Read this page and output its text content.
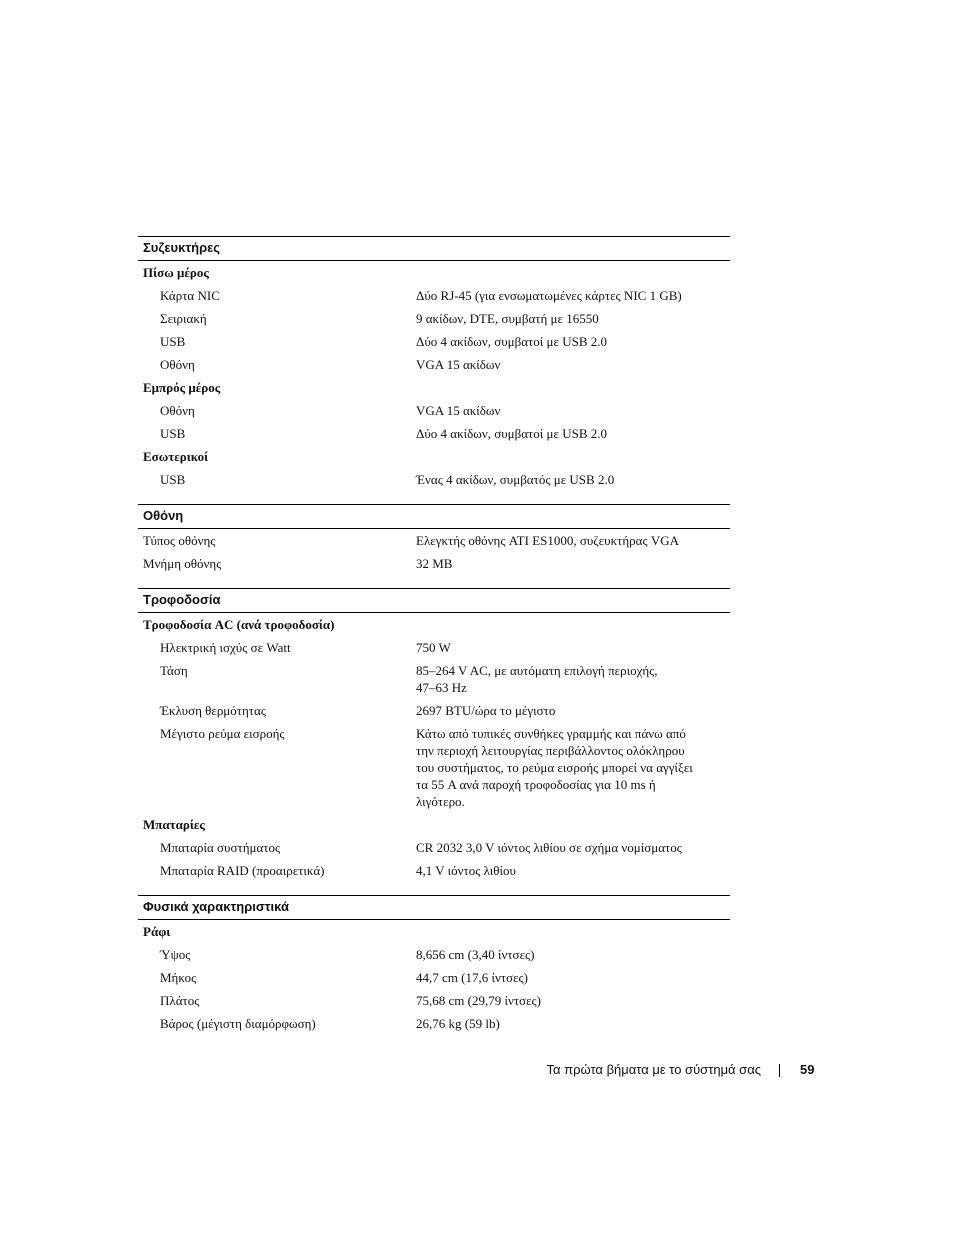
Συζευκτήρες
Πίσω μέρος
Κάρτα NIC	Δύο RJ-45 (για ενσωματωμένες κάρτες NIC 1 GB)
Σειριακή	9 ακίδων, DTE, συμβατή με 16550
USB	Δύο 4 ακίδων, συμβατοί με USB 2.0
Οθόνη	VGA 15 ακίδων
Εμπρός μέρος
Οθόνη	VGA 15 ακίδων
USB	Δύο 4 ακίδων, συμβατοί με USB 2.0
Εσωτερικοί
USB	Ένας 4 ακίδων, συμβατός με USB 2.0
Οθόνη
Τύπος οθόνης	Ελεγκτής οθόνης ATI ES1000, συζευκτήρας VGA
Μνήμη οθόνης	32 MB
Τροφοδοσία
Τροφοδοσία AC (ανά τροφοδοσία)
Ηλεκτρική ισχύς σε Watt	750 W
Τάση	85–264 V AC, με αυτόματη επιλογή περιοχής,
47–63 Hz
Έκλυση θερμότητας	2697 BTU/ώρα το μέγιστο
Μέγιστο ρεύμα εισροής	Κάτω από τυπικές συνθήκες γραμμής και πάνω από
την περιοχή λειτουργίας περιβάλλοντος ολόκληρου
του συστήματος, το ρεύμα εισροής μπορεί να αγγίξει
τα 55 A ανά παροχή τροφοδοσίας για 10 ms ή
λιγότερο.
Μπαταρίες
Μπαταρία συστήματος	CR 2032 3,0 V ιόντος λιθίου σε σχήμα νομίσματος
Μπαταρία RAID (προαιρετικά)	4,1 V ιόντος λιθίου
Φυσικά χαρακτηριστικά
Ράφι
Ύψος	8,656 cm (3,40 ίντσες)
Μήκος	44,7 cm (17,6 ίντσες)
Πλάτος	75,68 cm (29,79 ίντσες)
Βάρος (μέγιστη διαμόρφωση)	26,76 kg (59 lb)
Τα πρώτα βήματα με το σύστημά σας	59
